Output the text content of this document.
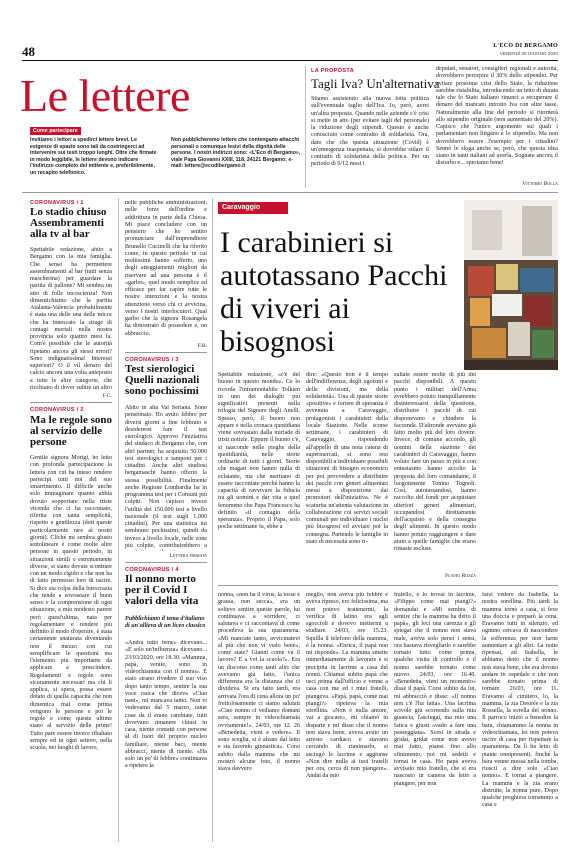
48	L'ECO DI BERGAMO
VENERDÌ 29 GIUGNO 2020
Le lettere
Come partecipare
Invitiamo i lettori a spedirci lettere brevi. Le esigenze di spazio sono tali da costringerci ad intervenire sui testi troppo lunghi. Oltre che firmate in modo leggibile, le lettere devono indicare l'indirizzo completo del mittente e, preferibilmente, un recapito telefonico.
Non pubblicheremo lettere che contengano attacchi personali o comunque lesivi della dignità delle persone. I nostri indirizzi sono: «L'Eco di Bergamo», viale Papa Giovanni XXIII, 118, 24121 Bergamo; e-mail: lettere@ecodibergamo.it
LA PROPOSTA
Tagli Iva? Un'alternativa
Stiamo assistendo alla nuova lotta politica sull'eventuale taglio dell'Iva. Io, però, avrei un'altra proposta. Quando nelle aziende c'è crisi si mette in atto (per evitare tagli del personale) la riduzione degli stipendi. Questo è anche conosciuto come contratto di solidarietà. Ora, dato che che questa situazione (Covid) è un'emergenza inaspettata, si dovrebbe stilare il contratto di solidarietà della politica. Per un periodo di 6/12 mesi i
deputati, senatori, consiglieri regionali e autorità, dovrebbero percepire il 30% dello stipendio. Per evitare prossime crisi dello Stato, la riduzione sarebbe ristabilita, introducendo un tetto di durata tale che lo Stato italiano rinunci a recuperare il denaro del mancato introito Iva con altre tasse. Naturalmente alla fine del periodo si ritornerà allo stipendio originale (non aumentato del 20%). Capisco che l'unico argomento sui quali i parlamentari non litigano è lo stipendio. Ma non dovrebbero essere l'esempio per i cittadini? Sennò le sloga anche se, però, che questa idea siano in tanti italiani ad averla. Sognate ancora il disturbo e... speriamo bene!
Vittorio Bolla
CORONAVIRUS / 1
Lo stadio chiuso Assembramenti alla tv al bar
Spettabile redazione, abito a Bergamo con la mia famiglia. Che senso ha permettere assembramenti al bar (tutti senza mascherina) per guardare la partita di pallone? Mi sembra un atto di folle incoscienza! Non dimentichiamo che la partita Atalanta-Valencia probabilmente è stata una delle una delle micce che ha innescato la strage di contagi mortali nella nostra provincia solo quattro mesi fa. Com'è possibile che le autorità ripetano ancora gli stessi errori? Sono indignatissima! Interessi superiori? O il vil denaro del calcio ancora una volta anteposto a tutte le altre categorie, che ricchiano di dover subire un altro
F.C.
CORONAVIRUS / 2
Ma le regole sono al servizio delle persone
Gentile signora Morigi, ho letto con profonda partecipazione la lettera con cui ha inteso rendere partecipi tutti noi del suo smarrimento. Il difficile anche solo immaginare quanto abbia dovuto sopportare nella triste vicenda che ci ha raccontato, riferita con tanta semplicità, rispetto e gentilezza (doti queste particolarmente rare al nostri giorni). Cliché mi sembra giusto sottolineare è come molte altre persone in questo periodo, in situazioni simili o estremamente diverse, si siano dovute scontrare con un modo rigido e che non ha di fatto permesso loro di uscire. Si dice sia colpa della burocrazia che tende a sovrastare il buon senso e la comprensione di ogni situazione, a mio modesto parere però quest'ultima, nata per regolamentare e rendere più definito il modo d'operare, è stata certamente snaturata diventando non il mezzo con cui semplificare le questioni ma l'elemento più importante da applicare a prescindere. Regolamenti e regole sono sicuramente necessari ma chi li applica, si spera, possa essere dotato di quella capacità che non dimentica mai come prima vengono le persone e poi le regole e come queste ultime siano al servizio delle prime! Tutto pare essere invece ribaltato sempre ed in ogni settore, nella scuola, nei luoghi di lavoro,
nelle pubbliche amministrazioni, nelle forze dell'ordine e addirittura in parte della Chiesa. Mi piace concludere con un pensiero che ho sentito pronunciare dall'imprenditore Brunello Cucinelli che ha riferito come, in questo periodo in cui moltissimi hanno sofferto, uno degli atteggiamenti migliori da riservare ad una persona è il «garbo», quel modo semplice ed efficace per far capire tutte le nostre intenzioni e la nostra attenzione verso chi ci avvicina, verso i nostri interlocutori. Qual garbo che la signora Rosangela ha dimostrato di possedere e, un abbraccio.
F.B.
CORONAVIRUS / 3
Test sierologici Quelli nazionali sono pochissimi
Abito in alta Val Seriana. Sono pensionato. Ho avuto febbre per diversi giorni a fine febbraio e desidererei fare il test sierologico. Approvo l'iniziativa del sindaco di Bergamo che, con altri partner, ha acquisito 50.000 test sierologici e tamponi per i cittadini. Anche altri studiosi bergamaschi hanno offerto la stessa possibilità. Finalmente anche Regione Lombardia ha in programma test per i Comuni più colpiti. Non capisco invece l'utilità dei 150.000 test a livello nazionale (il test sugli 1.000 cittadini). Per una statistica mi sembrano pochissimi, quindi da invece a livello locale, nelle zone più colpite, contribuirebbero a
Lettera firmata
CORONAVIRUS / 4
Il nonno morto per il Covid I valori della vita
Pubblichiamo il tema d'italiano di un'allieva di un liceo classico
«Andrà tutto bene» dicevano... «E solo un'influenza» dicevano... 23/03/2020, ore 18.30. «Mamma, papà, venite, sono in videochiamata con il nonno». È stato strano rivedere il suo viso dopo tanto tempo, sentire la sua voce rauca che diceva «Ciao nani», mi mancava tanto. Non vi vedevamo dal 5 marzo, tante cose da il erano cambiate, tutti dovevano rimanere chiusi in casa, niente contatti con persone al di fuori del proprio nucleo familiare, niente baci, niente abbracci, niente di niente. «Ha solo un po' di febbre» continuava a ripetere la
Caravaggio
I carabinieri si autotassano Pacchi di viveri ai bisognosi
Spettabile redazione, «c'è del buono in questo mondo». Ce lo ricorda l'intramontabile Tolkien in uno dei dialoghi più significativi presenti nella trilogia del Signore degli Anelli. Spesso, però, il buono non appare e nella cronaca quotidiana viene sovrastato dalla miriade di tristi notizie. Eppure il buono c'è, si nasconde nelle pieghe della quotidianità, nelle storie ordinarie di tutti i giorni. Storie che magari non hanno nulla di eclatante, ma che meritano di essere raccontate perché hanno la capacità di ravvivare la fiducia tra gli uomini e dar vita a quel fenomeno che Papa Francesco ha definito «il contagio della speranza». Proprio il Papa, solo poche settimane fa, ebbe a
dire: «Questo non è il tempo dell'indifferenza, degli egoismi e delle divisioni, ma della solidarietà». Una di queste storie «positive» e foriere di speranza è avvenuta a Caravaggio, protagonisti i carabinieri della locale Stazione. Nelle scorse settimane, i carabinieri di Caravaggio, rispondendo all'appello di una nota catena di supermercati, si sono resi disponibili a individuare possibili situazioni di bisogno economico per poi provvedere a distribuire dei pacchi con generi alimentari messi a disposizione dai promotori dell'iniziativa. Ne è scaturita un'attenta valutazione in collaborazione coi servizi sociali comunali per individuare i nuclei più bisognosi ed avviare poi la consegna. Partendo le famiglie in stato di necessità sono ri-
sultate essere molte di più dei pacchi disponibili. A questo punto i militari dell'Arma avrebbero potuto tranquillamente disinteressarsi della questione, distribuire i pacchi di cui disponevano e chiudere la faccenda. D'altronde avevano già fatto molto più del loro dovere. Invece, di comune accordo, gli uomini della stazione dei carabinieri di Caravaggio, hanno voluto fare un passo in più e con entusiasmo hanno accolto la proposta del loro comandante, il luogotenente Tonino Tognoli. Così, autotassandosi, hanno raccolto del fondi per acquistare ulteriori generi alimentari, occupandosi direttamente dell'acquisto e della consegna degli alimenti. In questo modo hanno potuto raggiungere e dare aiuto a quelle famiglie che erano rimaste escluse.
Flavio Rozza
nonna, «non ha il virus, la tosse è grassa, non secca», era un solievo sentire queste parole, lui continuava a sorridere, ci salutava e ci raccontava di come procedeva la sua quarantena. «Mi mancate tanto, avvicinatevi al più che non vi vedo bene», come state? Gianni come va il lavoro? E a voi la scuola?». Era un discorso come tanti altri che avevamo già fatto, l'unica differenza era la distanza che ci divideva. Si era fatto tardi, era arrivata l'ora di cena allora un po' frettolosamente ci siamo salutati «Ciao nonno ci vediamo domani sera, sempre in videochiamata ovviamente!». 24/03, ore 12. 26 «Benedetta, vieni a vedere». Il sono sceglia, si è alzato dal letto e sta facendo ginnastica». Corsi subito dalla mamma che mi mostrò alcune foto, il nonno stava davvero
meglio, non aveva più febbre e aveva ripreso, ero felicissima, ma non potevo trattenermi, la verifica di latino era agli sgoccioli e dovevo mettermi a studiare. 24/03, ore 15.23. Squilla il telefono della mamma, è la nonna. «Enrica, il papà non mi risponde». La mamma smette immediatamente di lavorare e si precipita in lacrime a casa del nonni. Chiamai subito papà che usci prima dall'ufficio e venne a casa con me ed i miei fratelli, piangeva. «Papà, papà, come mai piangi?» ripeteva la mia sorellina. «Non è nulla amore, vai a giocare», mi chiamò in disparte e mi disse che il nonno non stava bene, aveva avuto un arresto cardiaco e stavano cercando di rianimarlo, si asciugò le lacrime e aggiunse «Non dire nulla ai tuoi fratelli per ora, cerca di non piangere». Andai da mio
fratello, e lo trovai in lacrime, «Filippo come mai piangi?» domandai e «Mi sembra di sentire che la mamma ha detto il papà», gli feci una carezza e gli spiegai che il nonno non stava male, aveva solo perso i sensi, ora bastava risvegliarlo e sarebbe tornato tutto come prima, qualche visita di controllo e il nonno sarebbe tornato come nuovo. 24/03, ore 16.40. «Benedetta, vieni un momento» disse il papà. Corsi subito da lui, mi abbracciò e disse: «Il nonno non c'è l'ha fatta». Una lacrima scivolò giù scorrendo sulla mia guancia, l'asciugai, ma mio una fatica e giusti «vado a fare una passeggiata». Scesi in strada e gridai, gridai come non avevo mai fatto, piansi fino allo sfinimento, poi mi sedetti e tornai in casa. Ho papà aveva avvisato mio fratello, che si era nascosto in camera da letto a piangere, per non
farsi vedere da Isabella, la nostra sorellina. Più tardi la mamma tornò a casa, si fece una doccia e preparò la cena. Eravamo tutti in silenzio, ed ognuno cercava di nascondere la sofferenza per non farne aumentare a gli altri. La notte ripensai, ad Isabella, le abbiamo detto che il nonno non stava bene, che era dovuto andare in ospedale e che non sarebbe tornato prima di tornare. 26/03, ore 11. Eravamo al cimitero, lo, la mamma, la zia Desirée e la zia Rossella, la sorella del nonno. Il parroco iniziò a benedire la bara, chiamammo la nonna in videochiamata, lei non poteva uscire di casa per rispettare la quarantena. Da lì ha letto di piante onnipresenti, finché la bara venne messa nella tomba, riuscii a dire solo «Ciao nonno». E tornai a piangere. La mamma e la zia erano distrutte, la nonna pure. Dopo qualche preghiera tornammo a casa e
